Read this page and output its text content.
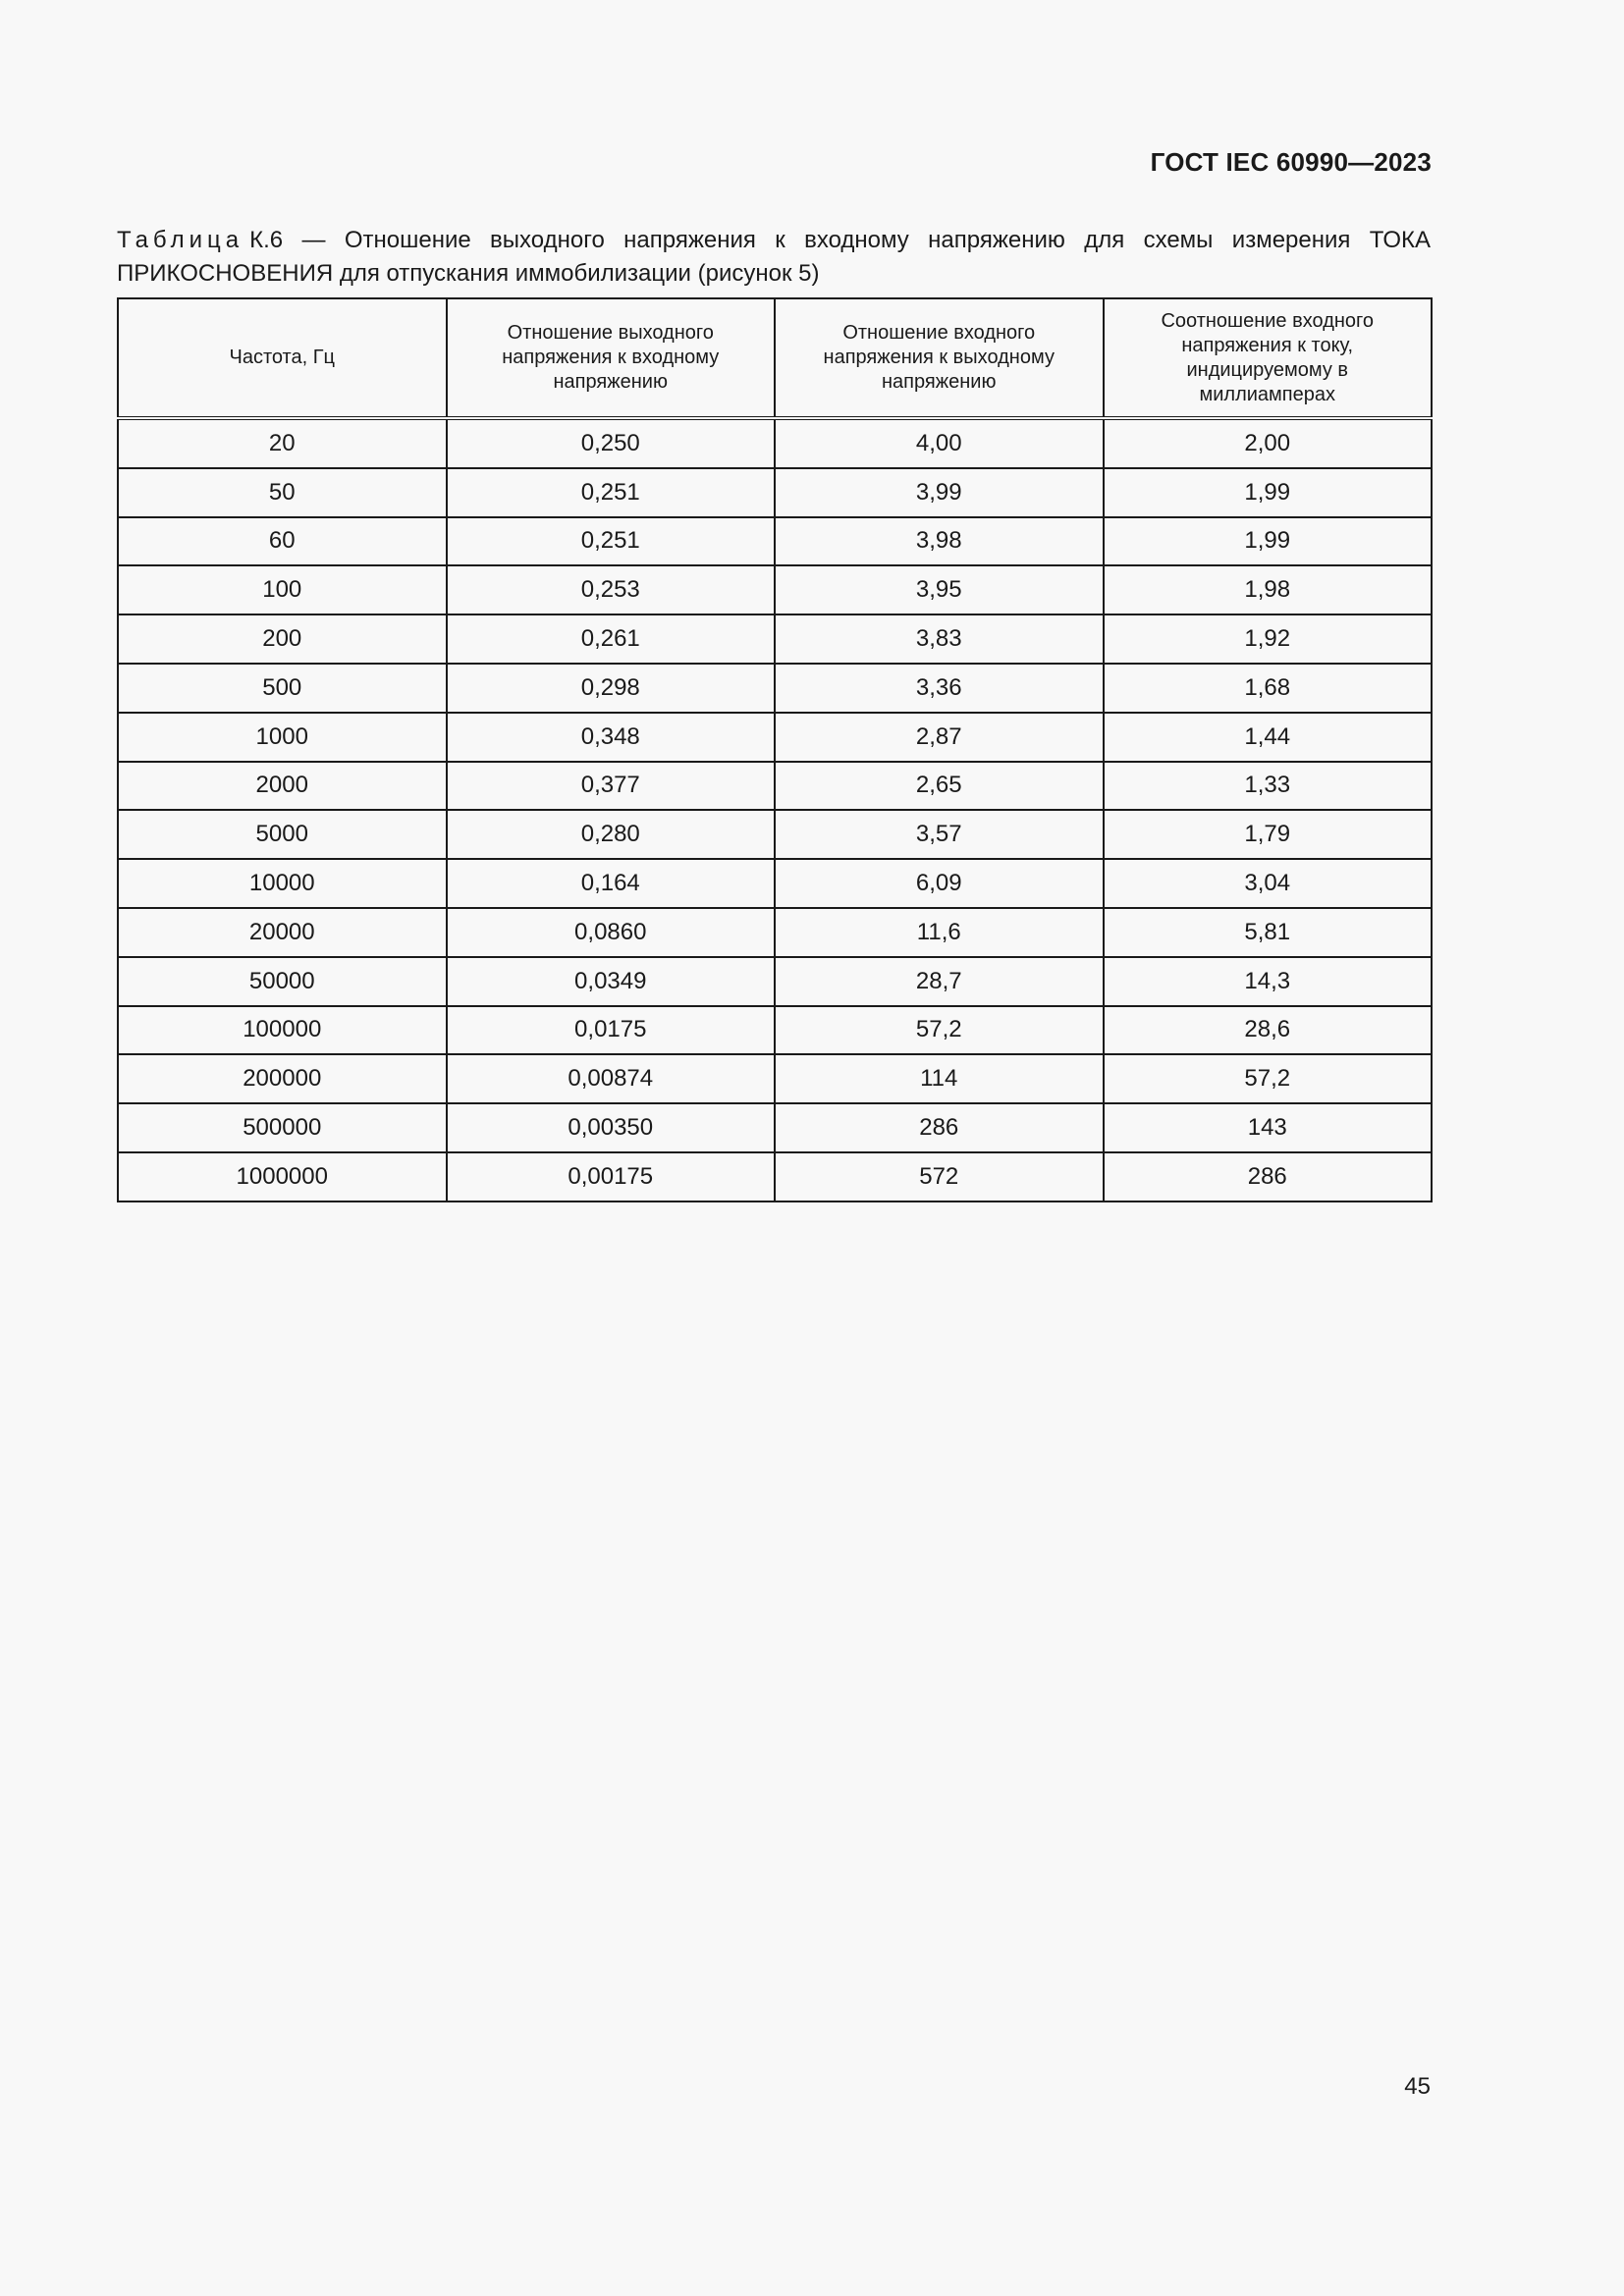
ГОСТ IEC 60990—2023
Таблица К.6 — Отношение выходного напряжения к входному напряжению для схемы измерения ТОКА ПРИКОСНОВЕНИЯ для отпускания иммобилизации (рисунок 5)
Частота, Гц	Отношение выходного напряжения к входному напряжению	Отношение входного напряжения к выходному напряжению	Соотношение входного напряжения к току, индицируемому в миллиамперах
20	0,250	4,00	2,00
50	0,251	3,99	1,99
60	0,251	3,98	1,99
100	0,253	3,95	1,98
200	0,261	3,83	1,92
500	0,298	3,36	1,68
1000	0,348	2,87	1,44
2000	0,377	2,65	1,33
5000	0,280	3,57	1,79
10000	0,164	6,09	3,04
20000	0,0860	11,6	5,81
50000	0,0349	28,7	14,3
100000	0,0175	57,2	28,6
200000	0,00874	114	57,2
500000	0,00350	286	143
1000000	0,00175	572	286
45
